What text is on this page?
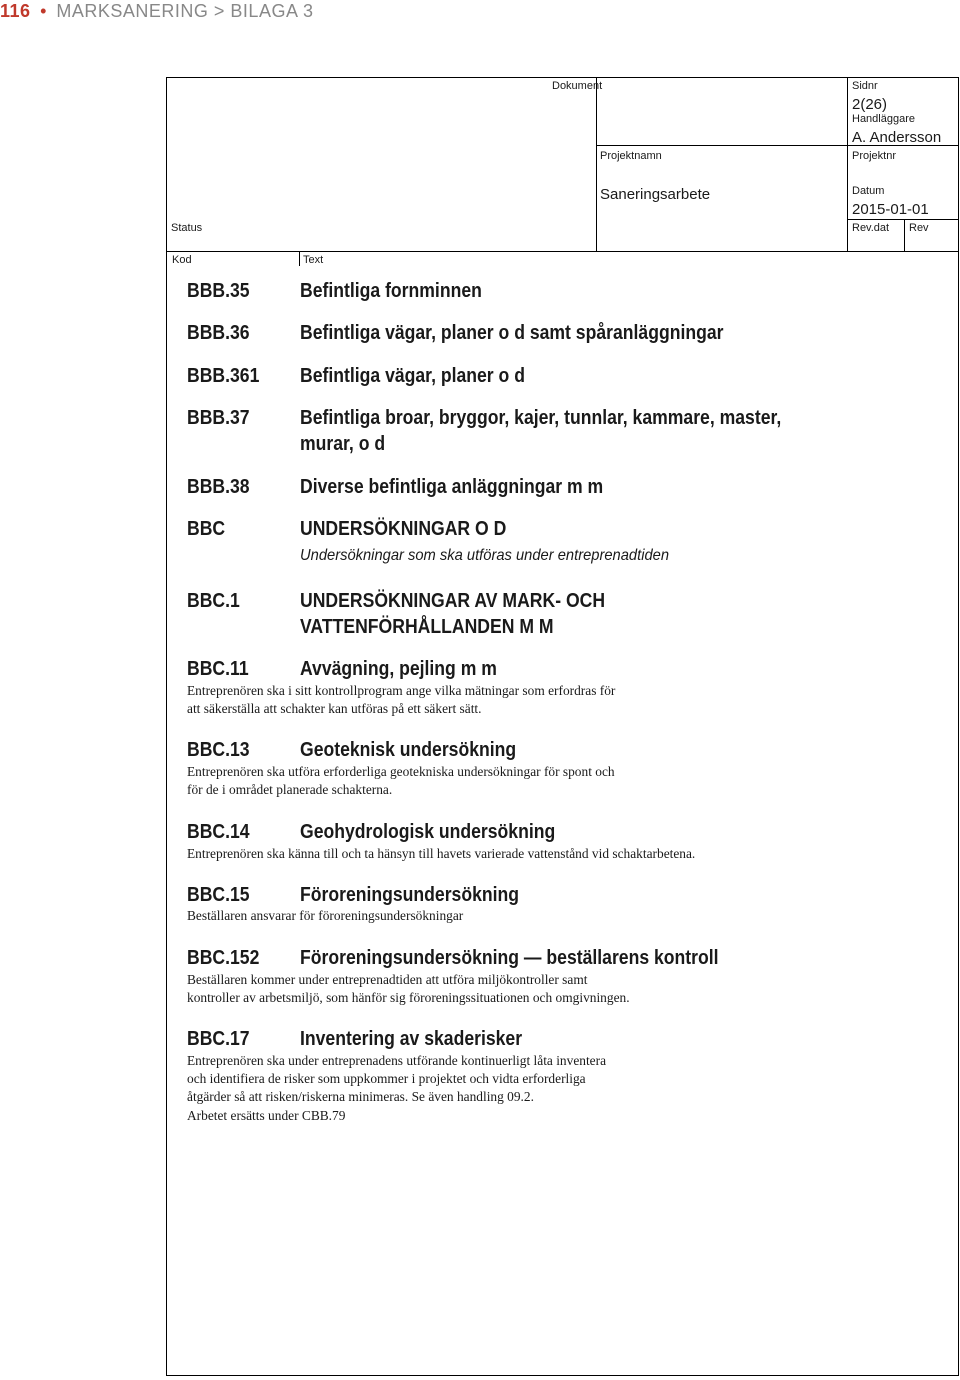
116 • MARKSANERING > BILAGA 3
Dokument	Sidnr
2(26)
Handläggare
A. Andersson
Projektnamn	Projektnr
Saneringsarbete	Datum
2015-01-01
Status	Rev.dat Rev
Kod	Text
BBB.35	Befintliga fornminnen
BBB.36	Befintliga vägar, planer o d samt spåranläggningar
BBB.361 Befintliga vägar, planer o d
BBB.37	Befintliga broar, bryggor, kajer, tunnlar, kammare, master,
murar, o d
BBB.38	Diverse befintliga anläggningar m m
BBC	UNDERSÖKNINGAR O D
Undersökningar som ska utföras under entreprenadtiden
BBC.1	UNDERSÖKNINGAR AV MARK- OCH
VATTENFÖRHÅLLANDEN M M
BBC.11	Avvägning, pejling m m
Entreprenören ska i sitt kontrollprogram ange vilka mätningar som erfordras för
att säkerställa att schakter kan utföras på ett säkert sätt.
BBC.13	Geoteknisk undersökning
Entreprenören ska utföra erforderliga geotekniska undersökningar för spont och
för de i området planerade schakterna.
BBC.14	Geohydrologisk undersökning
Entreprenören ska känna till och ta hänsyn till havets varierade vattenstånd vid schaktarbetena.
BBC.15	Föroreningsundersökning
Beställaren ansvarar för föroreningsundersökningar
BBC.152 Föroreningsundersökning — beställarens kontroll
Beställaren kommer under entreprenadtiden att utföra miljökontroller samt
kontroller av arbetsmiljö, som hänför sig föroreningssituationen och omgivningen.
BBC.17	Inventering av skaderisker
Entreprenören ska under entreprenadens utförande kontinuerligt låta inventera
och identifiera de risker som uppkommer i projektet och vidta erforderliga
åtgärder så att risken/riskerna minimeras. Se även handling 09.2.
Arbetet ersätts under CBB.79
